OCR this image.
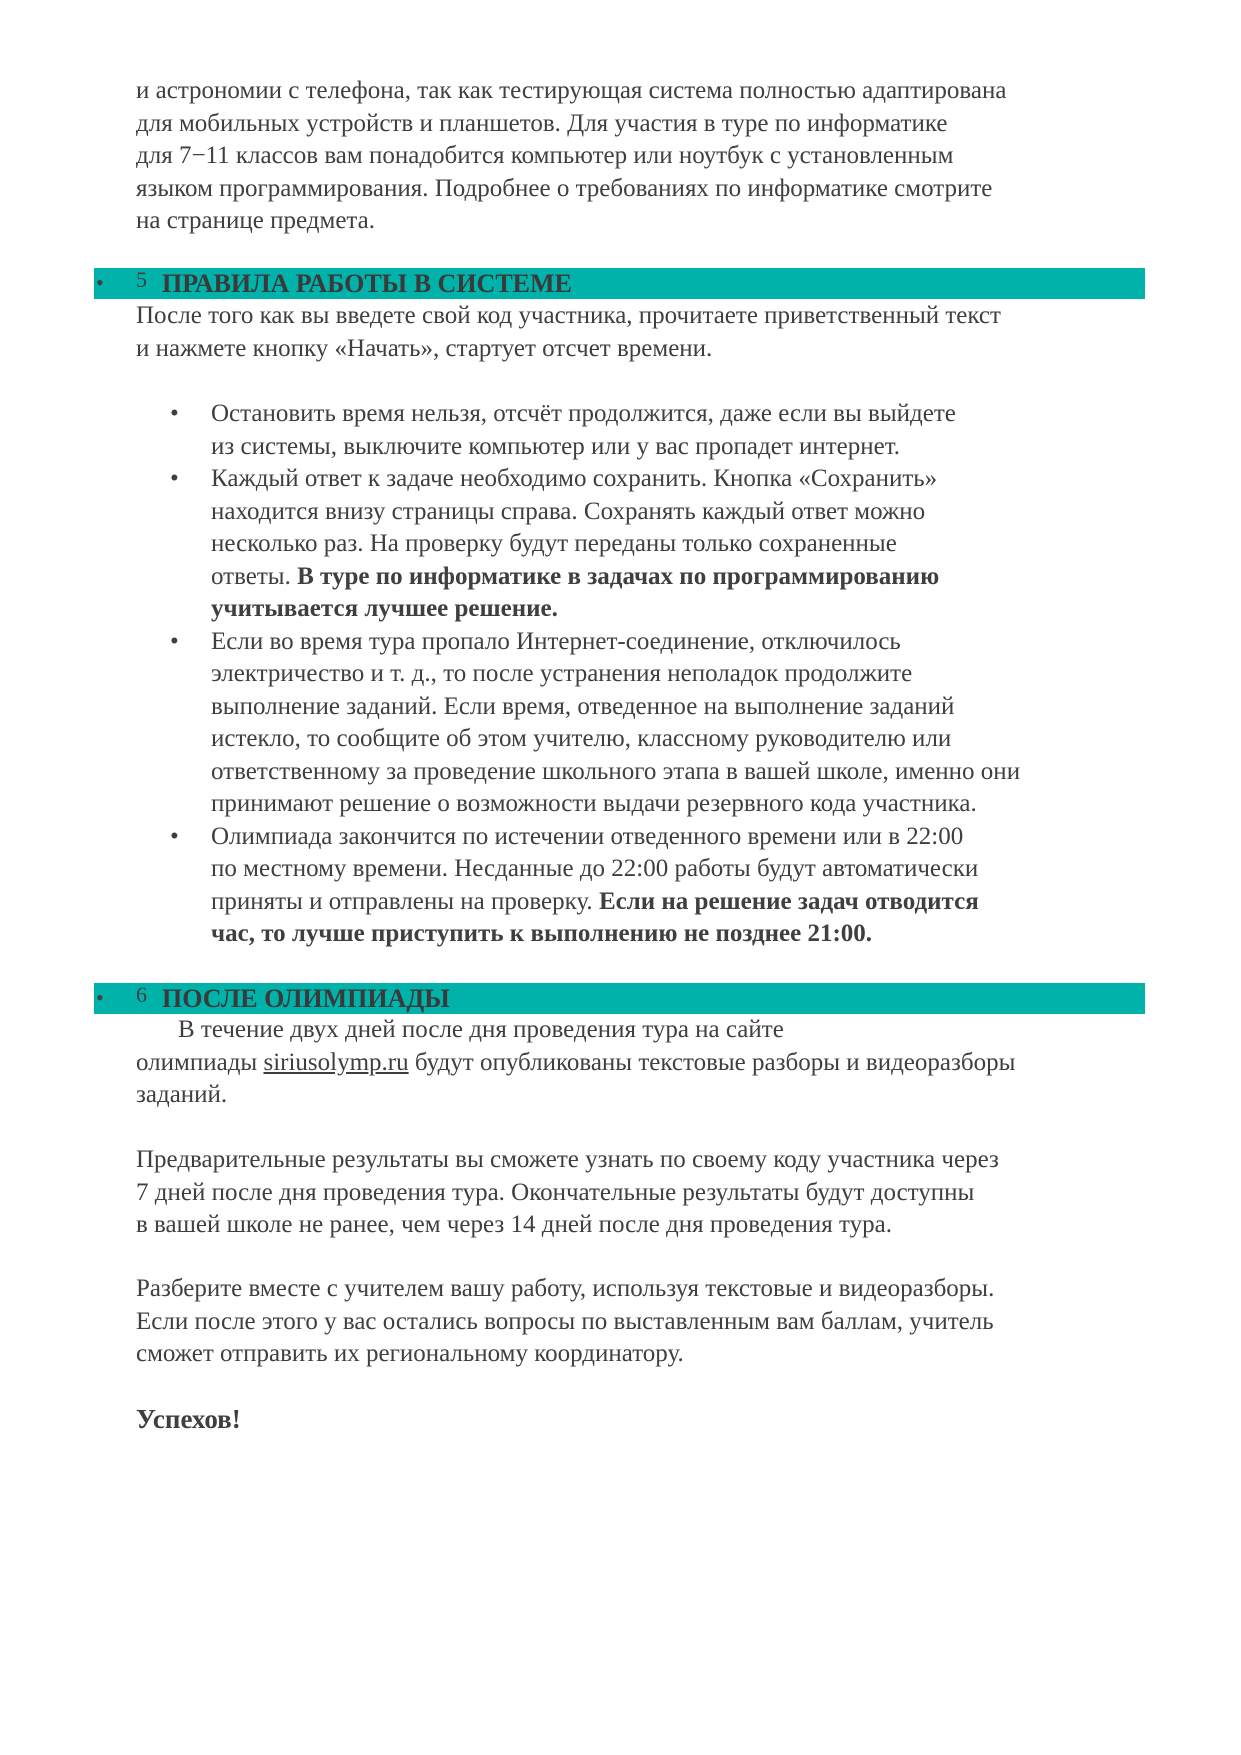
и астрономии с телефона, так как тестирующая система полностью адаптирована
для мобильных устройств и планшетов. Для участия в туре по информатике
для 7−11 классов вам понадобится компьютер или ноутбук с установленным
языком программирования. Подробнее о требованиях по информатике смотрите
на странице предмета.

• 5 ПРАВИЛА РАБОТЫ В СИСТЕМЕ

После того как вы введете свой код участника, прочитаете приветственный текст
и нажмете кнопку «Начать», стартует отсчет времени.

• Остановить время нельзя, отсчёт продолжится, даже если вы выйдете
из системы, выключите компьютер или у вас пропадет интернет.
• Каждый ответ к задаче необходимо сохранить. Кнопка «Сохранить»
находится внизу страницы справа. Сохранять каждый ответ можно
несколько раз. На проверку будут переданы только сохраненные
ответы. В туре по информатике в задачах по программированию
учитывается лучшее решение.
• Если во время тура пропало Интернет-соединение, отключилось
электричество и т. д., то после устранения неполадок продолжите
выполнение заданий. Если время, отведенное на выполнение заданий
истекло, то сообщите об этом учителю, классному руководителю или
ответственному за проведение школьного этапа в вашей школе, именно они
принимают решение о возможности выдачи резервного кода участника.
• Олимпиада закончится по истечении отведенного времени или в 22:00
по местному времени. Несданные до 22:00 работы будут автоматически
приняты и отправлены на проверку. Если на решение задач отводится
час, то лучше приступить к выполнению не позднее 21:00.
• 6 ПОСЛЕ ОЛИМПИАДЫ

В течение двух дней после дня проведения тура на сайте
олимпиады siriusolymp.ru будут опубликованы текстовые разборы и видеоразборы
заданий.

Предварительные результаты вы сможете узнать по своему коду участника через
7 дней после дня проведения тура. Окончательные результаты будут доступны
в вашей школе не ранее, чем через 14 дней после дня проведения тура.

Разберите вместе с учителем вашу работу, используя текстовые и видеоразборы.
Если после этого у вас остались вопросы по выставленным вам баллам, учитель
сможет отправить их региональному координатору.

Успехов!
